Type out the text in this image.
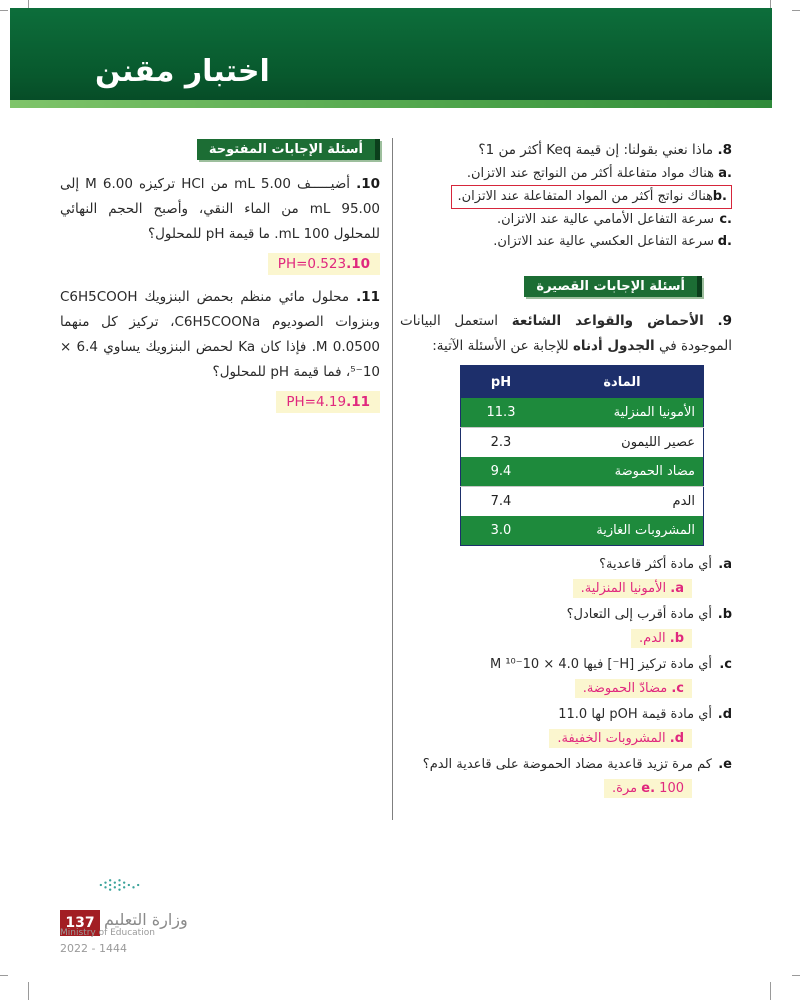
اختبار مقنن
أسئلة الإجابات المفتوحة
10. أضيـــــف 5.00 mL من HCl تركيزه 6.00 M إلى 95.00 mL من الماء النقي، وأصبح الحجم النهائي للمحلول 100 mL. ما قيمة pH للمحلول؟
10.PH=0.523
11. محلول مائي منظم بحمض البنزويك C6H5COOH وبنزوات الصوديوم C6H5COONa، تركيز كل منهما 0.0500 M. فإذا كان Ka لحمض البنزويك يساوي 6.4 × 10⁻⁵، فما قيمة pH للمحلول؟
11.PH=4.19
8. ماذا نعني بقولنا: إن قيمة Keq أكثر من 1؟
a.
هناك مواد متفاعلة أكثر من النواتج عند الاتزان.
b.
هناك نواتج أكثر من المواد المتفاعلة عند الاتزان.
c.
سرعة التفاعل الأمامي عالية عند الاتزان.
d.
سرعة التفاعل العكسي عالية عند الاتزان.
أسئلة الإجابات القصيرة
9. الأحماض والقواعد الشائعة استعمل البيانات الموجودة في الجدول أدناه للإجابة عن الأسئلة الآتية:
المادة	pH
الأمونيا المنزلية	11.3
عصير الليمون	2.3
مضاد الحموضة	9.4
الدم	7.4
المشروبات الغازية	3.0
a.
أي مادة أكثر قاعدية؟
a. الأمونيا المنزلية.
b.
أي مادة أقرب إلى التعادل؟
b. الدم.
c.
أي مادة تركيز [H⁻] فيها 4.0 × 10⁻¹⁰ M
c. مضادّ الحموضة.
d.
أي مادة قيمة pOH لها 11.0
d. المشروبات الخفيفة.
e.
كم مرة تزيد قاعدية مضاد الحموضة على قاعدية الدم؟
e. 100 مرة.
137 وزارة التعليم
Ministry of Education
2022 - 1444
